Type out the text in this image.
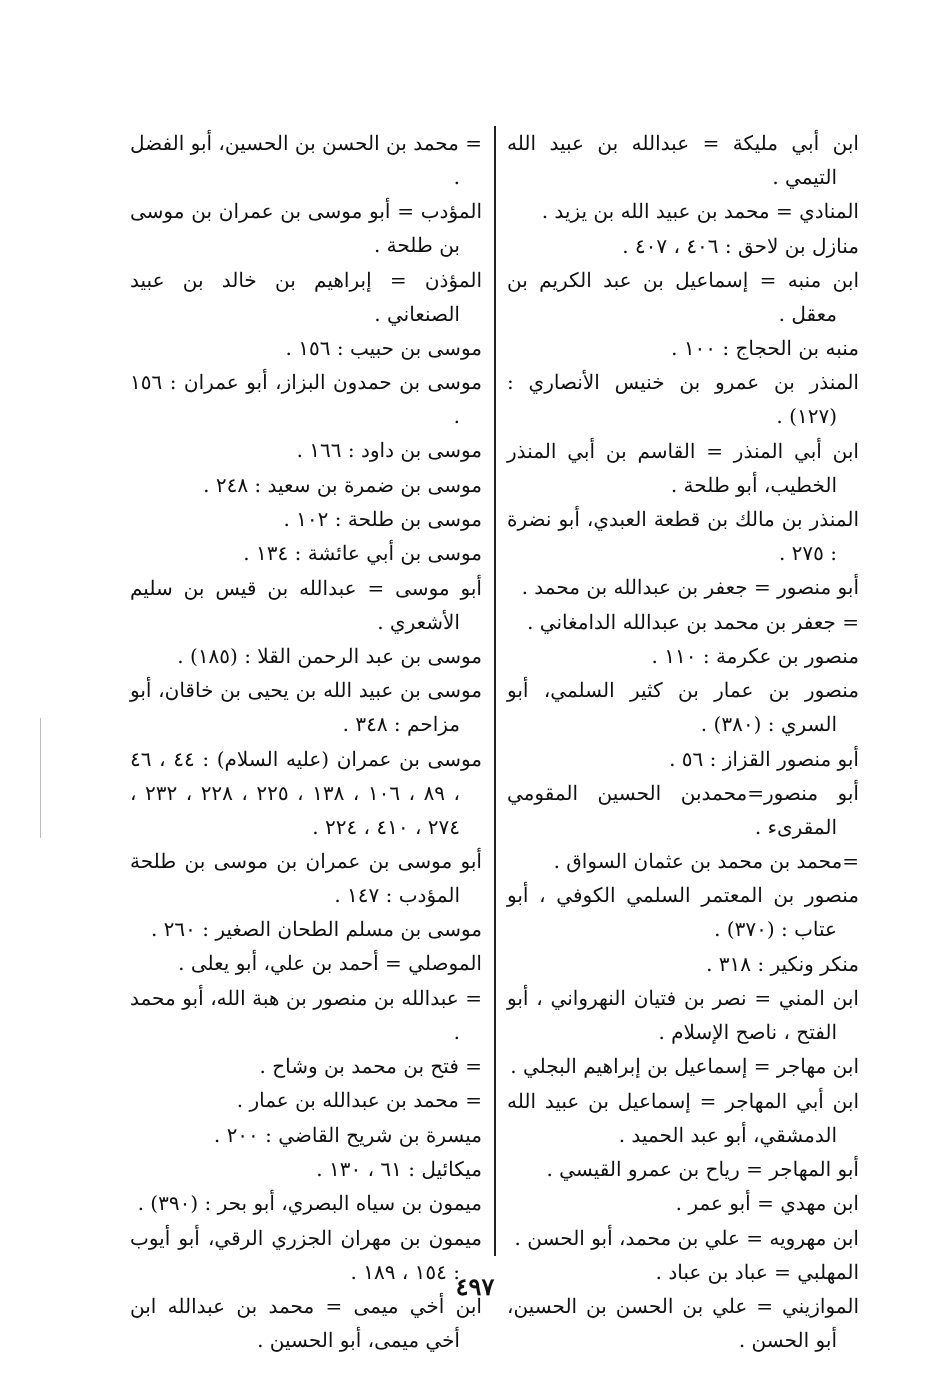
ابن أبي مليكة = عبدالله بن عبيد الله التيمي .
المنادي = محمد بن عبيد الله بن يزيد .
منازل بن لاحق : ٤٠٦ ، ٤٠٧ .
ابن منبه = إسماعيل بن عبد الكريم بن معقل .
منبه بن الحجاج : ١٠٠ .
المنذر بن عمرو بن خنيس الأنصاري : (١٢٧) .
ابن أبي المنذر = القاسم بن أبي المنذر الخطيب، أبو طلحة .
المنذر بن مالك بن قطعة العبدي، أبو نضرة : ٢٧٥ .
أبو منصور = جعفر بن عبدالله بن محمد .
= جعفر بن محمد بن عبدالله الدامغاني .
منصور بن عكرمة : ١١٠ .
منصور بن عمار بن كثير السلمي، أبو السري : (٣٨٠) .
أبو منصور القزاز : ٥٦ .
أبو منصور=محمدبن الحسين المقومي المقرىء .
=محمد بن محمد بن عثمان السواق .
منصور بن المعتمر السلمي الكوفي ، أبو عتاب : (٣٧٠) .
منكر ونكير : ٣١٨ .
ابن المني = نصر بن فتيان النهرواني ، أبو الفتح ، ناصح الإسلام .
ابن مهاجر = إسماعيل بن إبراهيم البجلي .
ابن أبي المهاجر = إسماعيل بن عبيد الله الدمشقي، أبو عبد الحميد .
أبو المهاجر = رياح بن عمرو القيسي .
ابن مهدي = أبو عمر .
ابن مهرويه = علي بن محمد، أبو الحسن .
المهلبي = عباد بن عباد .
الموازيني = علي بن الحسن بن الحسين، أبو الحسن .
= محمد بن الحسن بن الحسين، أبو الفضل .
المؤدب = أبو موسى بن عمران بن موسى بن طلحة .
المؤذن = إبراهيم بن خالد بن عبيد الصنعاني .
موسى بن حبيب : ١٥٦ .
موسى بن حمدون البزاز، أبو عمران : ١٥٦ .
موسى بن داود : ١٦٦ .
موسى بن ضمرة بن سعيد : ٢٤٨ .
موسى بن طلحة : ١٠٢ .
موسى بن أبي عائشة : ١٣٤ .
أبو موسى = عبدالله بن قيس بن سليم الأشعري .
موسى بن عبد الرحمن القلا : (١٨٥) .
موسى بن عبيد الله بن يحيى بن خاقان، أبو مزاحم : ٣٤٨ .
موسى بن عمران (عليه السلام) : ٤٤ ، ٤٦ ، ٨٩ ، ١٠٦ ، ١٣٨ ، ٢٢٥ ، ٢٢٨ ، ٢٣٢ ، ٢٧٤ ، ٤١٠ ، ٢٢٤ .
أبو موسى بن عمران بن موسى بن طلحة المؤدب : ١٤٧ .
موسى بن مسلم الطحان الصغير : ٢٦٠ .
الموصلي = أحمد بن علي، أبو يعلى .
= عبدالله بن منصور بن هبة الله، أبو محمد .
= فتح بن محمد بن وشاح .
= محمد بن عبدالله بن عمار .
ميسرة بن شريح القاضي : ٢٠٠ .
ميكائيل : ٦١ ، ١٣٠ .
ميمون بن سياه البصري، أبو بحر : (٣٩٠) .
ميمون بن مهران الجزري الرقي، أبو أيوب : ١٥٤ ، ١٨٩ .
ابن أخي ميمى = محمد بن عبدالله ابن أخي ميمى، أبو الحسين .
٤٩٧
